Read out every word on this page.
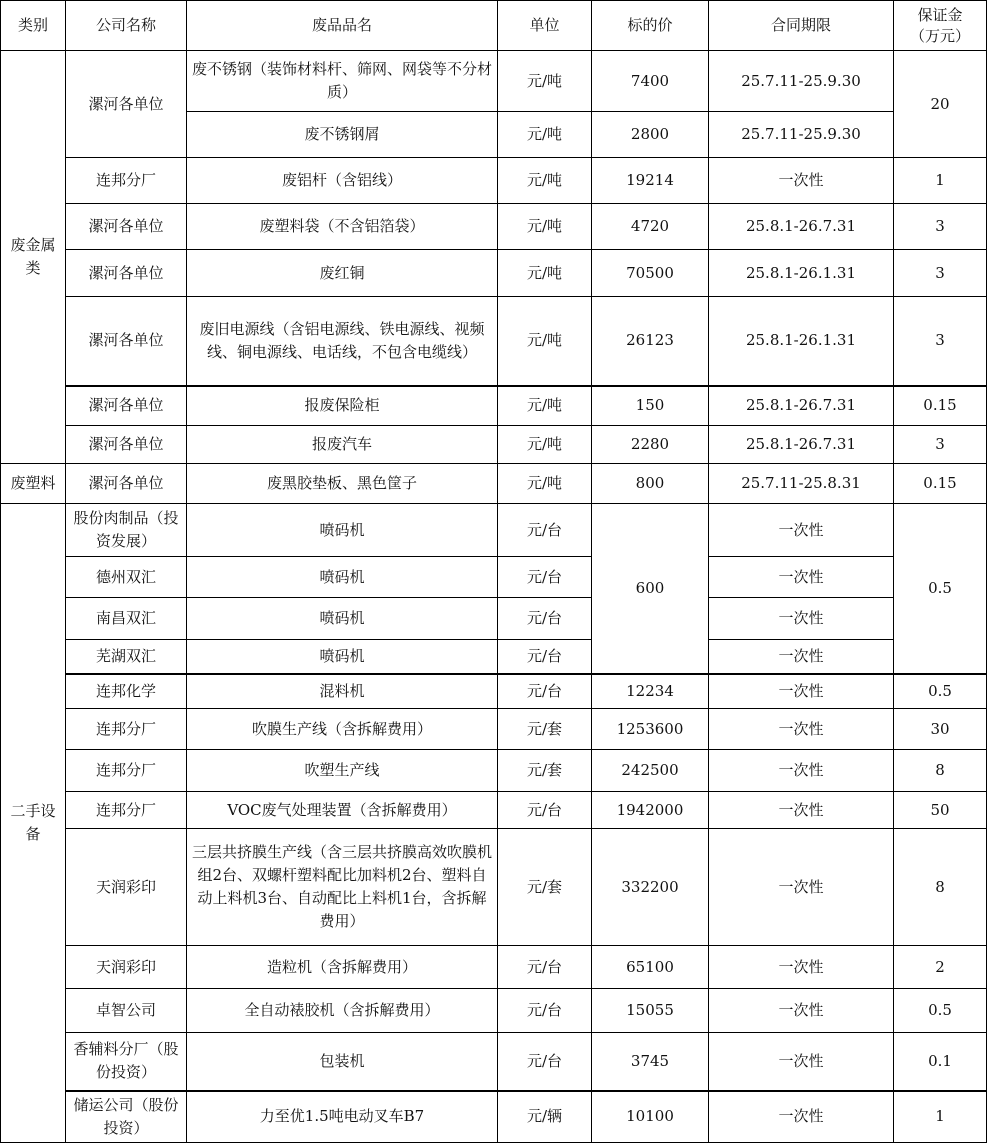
类别	公司名称	废品品名	单位	标的价	合同期限	保证金
（万元）
废金属类	漯河各单位	废不锈钢（装饰材料杆、筛网、网袋等不分材质）	元/吨	7400	25.7.11-25.9.30	20
		废不锈钢屑	元/吨	2800	25.7.11-25.9.30	
	连邦分厂	废铝杆（含铝线）	元/吨	19214	一次性	1
	漯河各单位	废塑料袋（不含铝箔袋）	元/吨	4720	25.8.1-26.7.31	3
	漯河各单位	废红铜	元/吨	70500	25.8.1-26.1.31	3
	漯河各单位	废旧电源线（含铝电源线、铁电源线、视频线、铜电源线、电话线，不包含电缆线）	元/吨	26123	25.8.1-26.1.31	3
	漯河各单位	报废保险柜	元/吨	150	25.8.1-26.7.31	0.15
	漯河各单位	报废汽车	元/吨	2280	25.8.1-26.7.31	3
废塑料	漯河各单位	废黑胶垫板、黑色筐子	元/吨	800	25.7.11-25.8.31	0.15
二手设备	股份肉制品（投资发展）	喷码机	元/台	600	一次性	0.5
	德州双汇	喷码机	元/台		一次性	
	南昌双汇	喷码机	元/台		一次性	
	芜湖双汇	喷码机	元/台		一次性	
	连邦化学	混料机	元/台	12234	一次性	0.5
	连邦分厂	吹膜生产线（含拆解费用）	元/套	1253600	一次性	30
	连邦分厂	吹塑生产线	元/套	242500	一次性	8
	连邦分厂	VOC废气处理装置（含拆解费用）	元/台	1942000	一次性	50
	天润彩印	三层共挤膜生产线（含三层共挤膜高效吹膜机组2台、双螺杆塑料配比加料机2台、塑料自动上料机3台、自动配比上料机1台，含拆解费用）	元/套	332200	一次性	8
	天润彩印	造粒机（含拆解费用）	元/台	65100	一次性	2
	卓智公司	全自动裱胶机（含拆解费用）	元/台	15055	一次性	0.5
	香辅料分厂（股份投资）	包装机	元/台	3745	一次性	0.1
	储运公司（股份投资）	力至优1.5吨电动叉车B7	元/辆	10100	一次性	1
